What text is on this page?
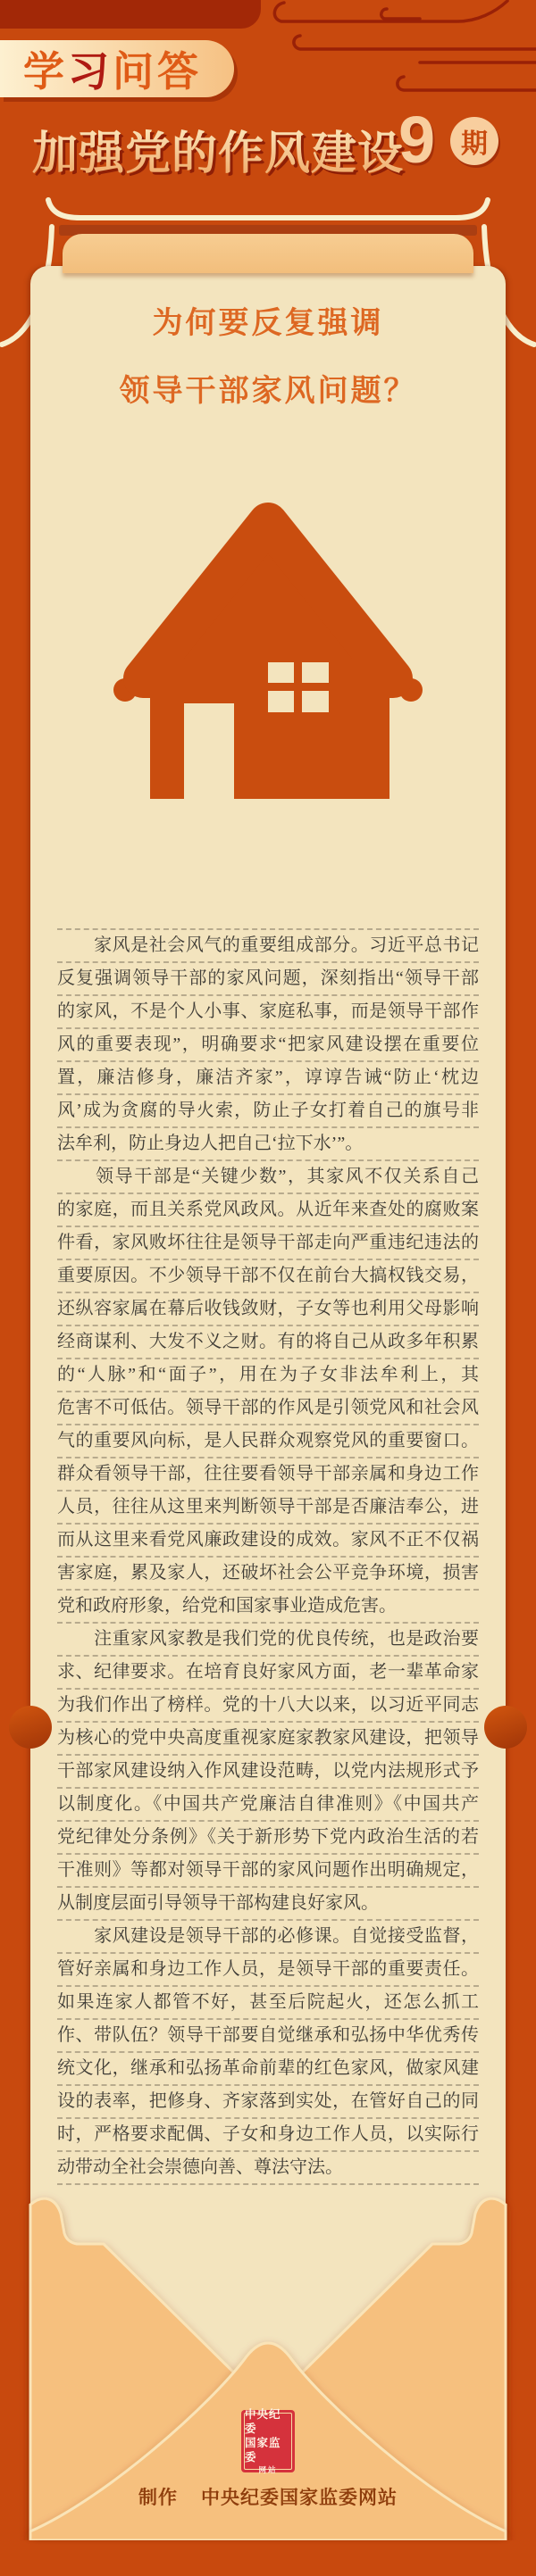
学 习 问答
加强党的作风建设
9 期
为何要反复强调
领导干部家风问题？
　　家风是社会风气的重要组成部分。习近平总书记
反复强调领导干部的家风问题，深刻指出“领导干部
的家风，不是个人小事、家庭私事，而是领导干部作
风的重要表现”，明确要求“把家风建设摆在重要位
置，廉洁修身，廉洁齐家”，谆谆告诫“防止‘枕边
风’成为贪腐的导火索，防止子女打着自己的旗号非
法牟利，防止身边人把自己‘拉下水’”。
　　领导干部是“关键少数”，其家风不仅关系自己
的家庭，而且关系党风政风。从近年来查处的腐败案
件看，家风败坏往往是领导干部走向严重违纪违法的
重要原因。不少领导干部不仅在前台大搞权钱交易，
还纵容家属在幕后收钱敛财，子女等也利用父母影响
经商谋利、大发不义之财。有的将自己从政多年积累
的“人脉”和“面子”，用在为子女非法牟利上，其
危害不可低估。领导干部的作风是引领党风和社会风
气的重要风向标，是人民群众观察党风的重要窗口。
群众看领导干部，往往要看领导干部亲属和身边工作
人员，往往从这里来判断领导干部是否廉洁奉公，进
而从这里来看党风廉政建设的成效。家风不正不仅祸
害家庭，累及家人，还破坏社会公平竞争环境，损害
党和政府形象，给党和国家事业造成危害。
　　注重家风家教是我们党的优良传统，也是政治要
求、纪律要求。在培育良好家风方面，老一辈革命家
为我们作出了榜样。党的十八大以来，以习近平同志
为核心的党中央高度重视家庭家教家风建设，把领导
干部家风建设纳入作风建设范畴，以党内法规形式予
以制度化。《中国共产党廉洁自律准则》《中国共产
党纪律处分条例》《关于新形势下党内政治生活的若
干准则》等都对领导干部的家风问题作出明确规定，
从制度层面引导领导干部构建良好家风。
　　家风建设是领导干部的必修课。自觉接受监督，
管好亲属和身边工作人员，是领导干部的重要责任。
如果连家人都管不好，甚至后院起火，还怎么抓工
作、带队伍？领导干部要自觉继承和弘扬中华优秀传
统文化，继承和弘扬革命前辈的红色家风，做家风建
设的表率，把修身、齐家落到实处，在管好自己的同
时，严格要求配偶、子女和身边工作人员，以实际行
动带动全社会崇德向善、尊法守法。
中央纪委
国家监委
网站
制作 中央纪委国家监委网站
